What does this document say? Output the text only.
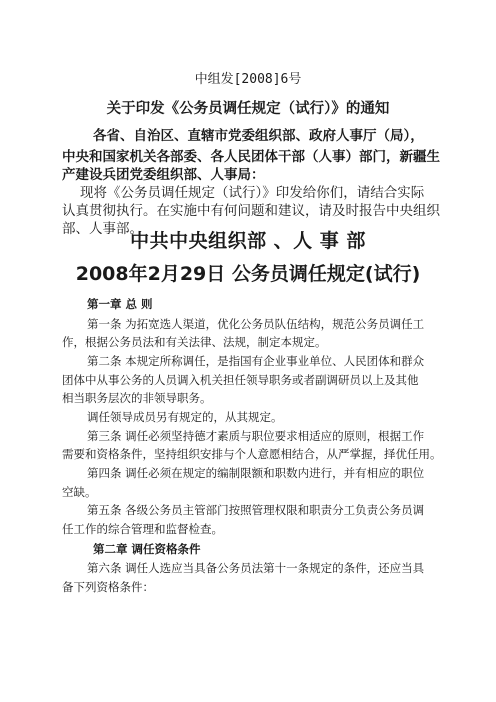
中组发[2008]6号
关于印发《公务员调任规定（试行）》的通知
各省、自治区、直辖市党委组织部、政府人事厅（局），
中央和国家机关各部委、各人民团体干部（人事）部门，新疆生
产建设兵团党委组织部、人事局：
现将《公务员调任规定（试行）》印发给你们，请结合实际
认真贯彻执行。在实施中有何问题和建议，请及时报告中央组织
部、人事部。
中共中央组织部 、人 事 部
2008年2月29日 公务员调任规定(试行)
第一章 总 则
第一条 为拓宽选人渠道，优化公务员队伍结构，规范公务员调任工
作，根据公务员法和有关法律、法规，制定本规定。
第二条 本规定所称调任，是指国有企业事业单位、人民团体和群众
团体中从事公务的人员调入机关担任领导职务或者副调研员以上及其他
相当职务层次的非领导职务。
调任领导成员另有规定的，从其规定。
第三条 调任必须坚持德才素质与职位要求相适应的原则，根据工作
需要和资格条件，坚持组织安排与个人意愿相结合，从严掌握，择优任用。
第四条 调任必须在规定的编制限额和职数内进行，并有相应的职位
空缺。
第五条 各级公务员主管部门按照管理权限和职责分工负责公务员调
任工作的综合管理和监督检查。
第二章 调任资格条件
第六条 调任人选应当具备公务员法第十一条规定的条件，还应当具
备下列资格条件：
